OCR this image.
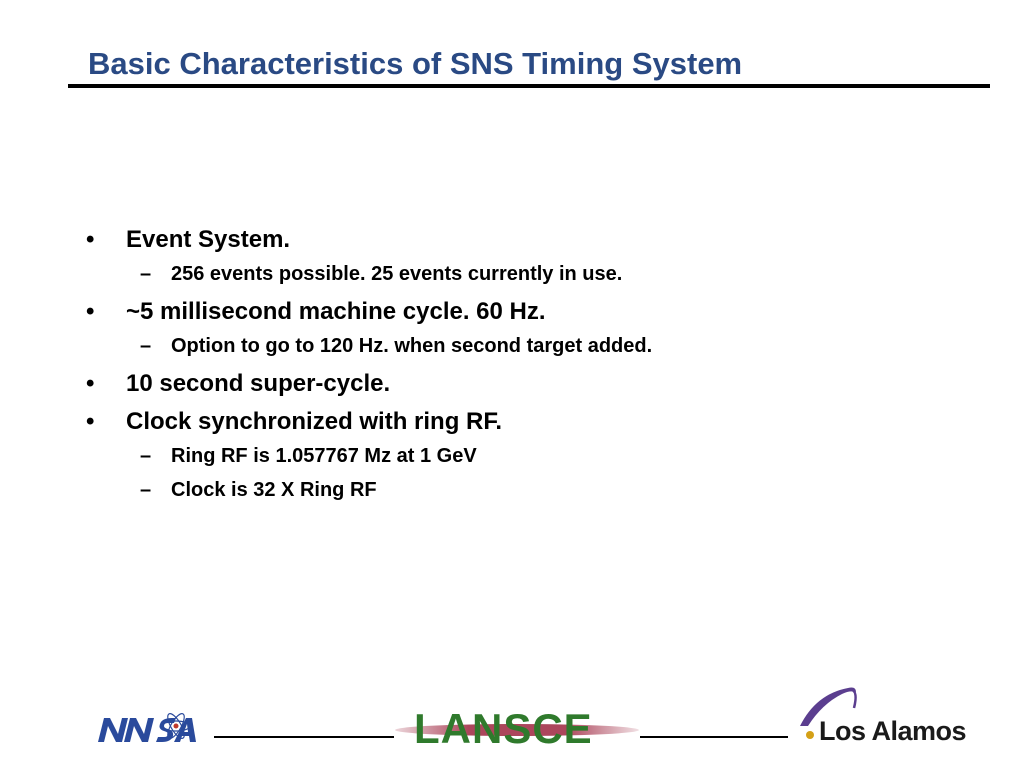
Basic Characteristics of SNS Timing System
• Event System.
– 256 events possible. 25 events currently in use.
• ~5 millisecond machine cycle. 60 Hz.
– Option to go to 120 Hz. when second target added.
• 10 second super-cycle.
• Clock synchronized with ring RF.
– Ring RF is 1.057767 Mz at 1 GeV
– Clock is 32 X Ring RF
LANSCE	Los Alamos
